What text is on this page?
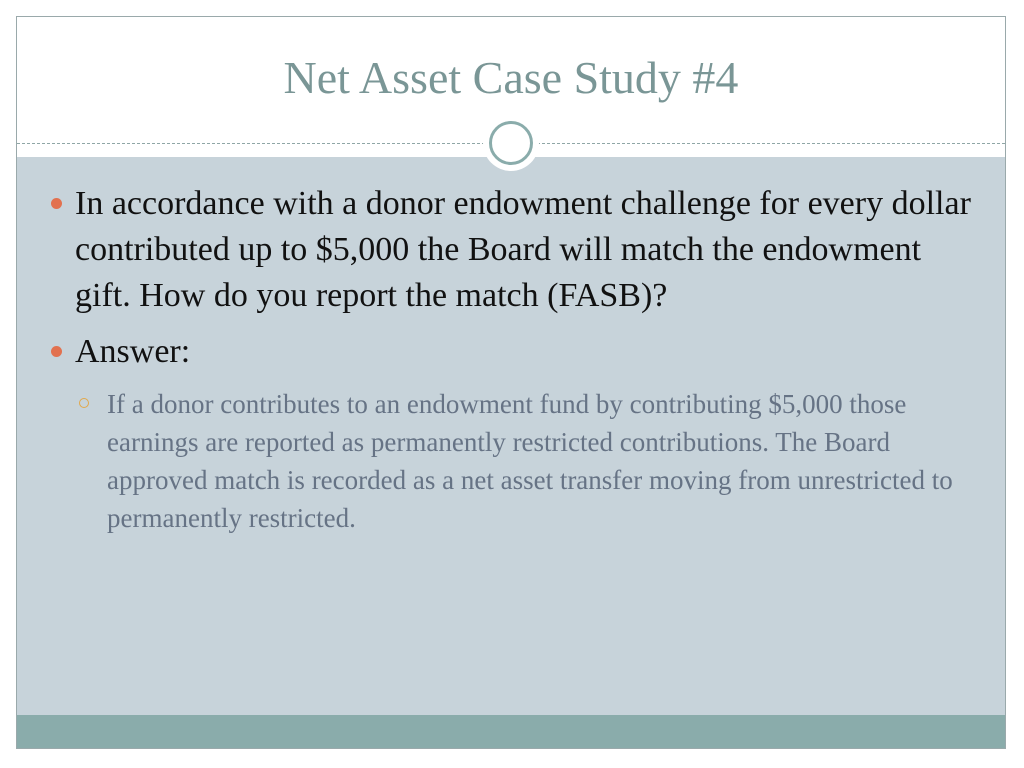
Net Asset Case Study #4
In accordance with a donor endowment challenge for every dollar contributed up to $5,000 the Board will match the endowment gift. How do you report the match (FASB)?
Answer:
If a donor contributes to an endowment fund by contributing $5,000 those earnings are reported as permanently restricted contributions. The Board approved match is recorded as a net asset transfer moving from unrestricted to permanently restricted.
